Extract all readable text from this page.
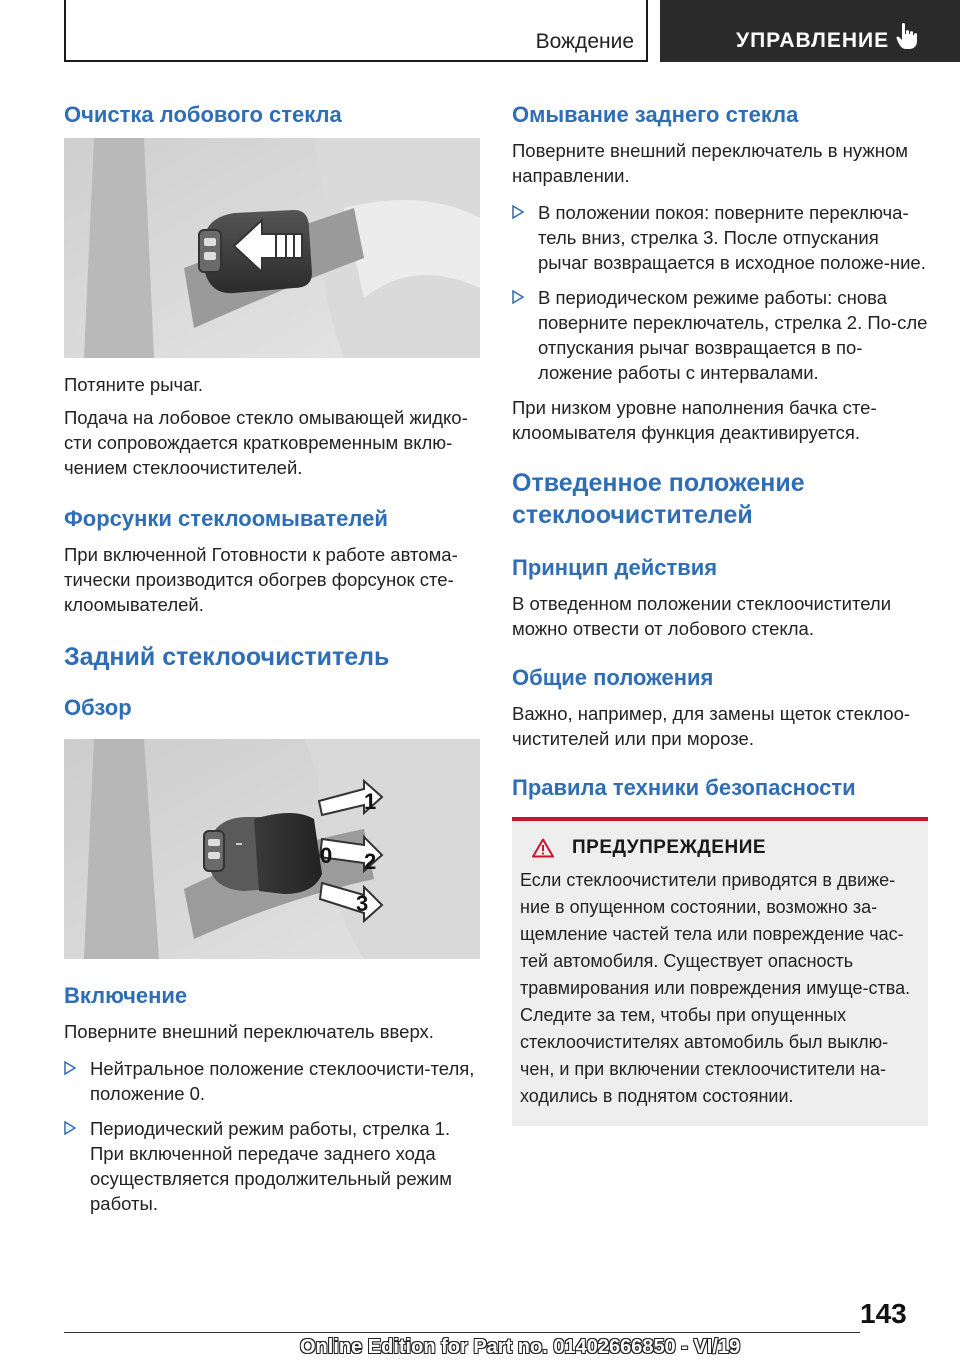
Вождение	УПРАВЛЕНИЕ
Очистка лобового стекла
Потяните рычаг.
Подача на лобовое стекло омывающей жидко-сти сопровождается кратковременным вклю-чением стеклоочистителей.
Форсунки стеклоомывателей
При включенной Готовности к работе автома-тически производится обогрев форсунок сте-клоомывателей.
Задний стеклоочиститель
Обзор
1
0 2
3
Включение
Поверните внешний переключатель вверх.
Нейтральное положение стеклоочисти-теля, положение 0.
Периодический режим работы, стрелка 1. При включенной передаче заднего хода осуществляется продолжительный режим работы.
Омывание заднего стекла
Поверните внешний переключатель в нужном направлении.
В положении покоя: поверните переключа-тель вниз, стрелка 3. После отпускания рычаг возвращается в исходное положе-ние.
В периодическом режиме работы: снова поверните переключатель, стрелка 2. По-сле отпускания рычаг возвращается в по-ложение работы с интервалами.
При низком уровне наполнения бачка сте-клоомывателя функция деактивируется.
Отведенное положение стеклоочистителей
Принцип действия
В отведенном положении стеклоочистители можно отвести от лобового стекла.
Общие положения
Важно, например, для замены щеток стеклоо-чистителей или при морозе.
Правила техники безопасности
ПРЕДУПРЕЖДЕНИЕ
Если стеклоочистители приводятся в движе-ние в опущенном состоянии, возможно за-щемление частей тела или повреждение час-тей автомобиля. Существует опасность травмирования или повреждения имуще-ства. Следите за тем, чтобы при опущенных стеклоочистителях автомобиль был выклю-чен, и при включении стеклоочистители на-ходились в поднятом состоянии.
143
Online Edition for Part no. 01402666850 - VI/19
